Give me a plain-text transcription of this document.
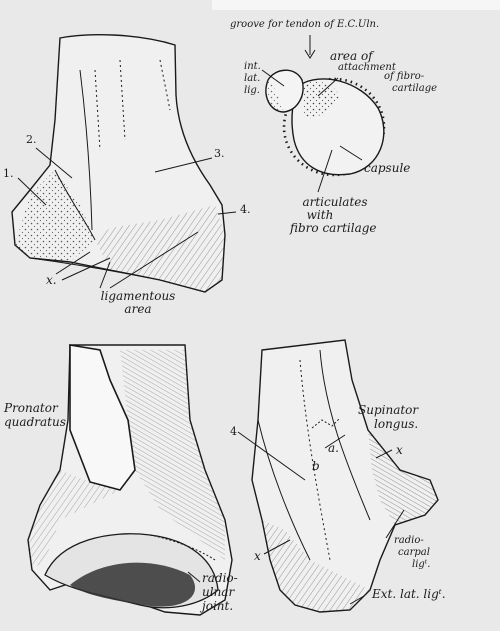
1.
2.
3.
4.
x.
ligamentous
area
groove for tendon of E.C.Uln.
area of
attachment
of fibro-
cartilage
int.
lat.
lig.
capsule
articulates
with
fibro cartilage
Pronator
quadratus
radio-
ulnar
joint.
Supinator
longus.
4
b
a.	x
x
radio-
carpal
ligᵗ.
Ext. lat. ligᵗ.
